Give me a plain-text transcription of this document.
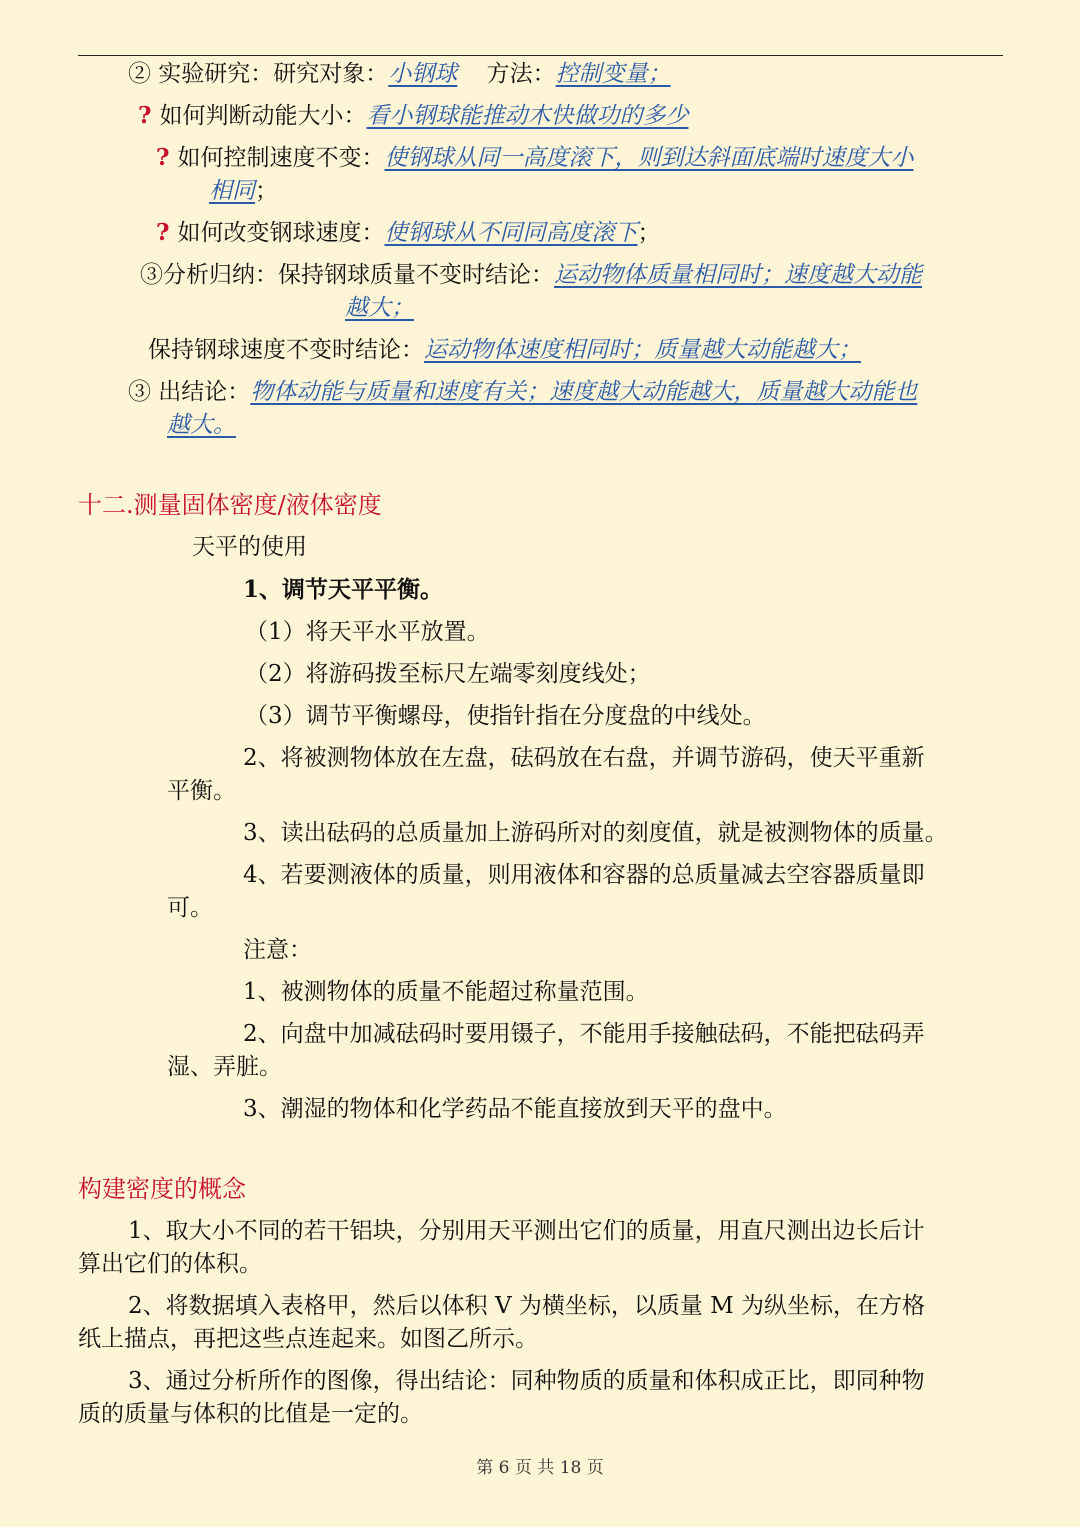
② 实验研究：研究对象：小钢球 方法：控制变量；
? 如何判断动能大小：看小钢球能推动木快做功的多少
? 如何控制速度不变：使钢球从同一高度滚下，则到达斜面底端时速度大小
相同；
? 如何改变钢球速度：使钢球从不同同高度滚下；
③分析归纳：保持钢球质量不变时结论：运动物体质量相同时；速度越大动能
越大；
保持钢球速度不变时结论：运动物体速度相同时；质量越大动能越大；
③ 出结论：物体动能与质量和速度有关；速度越大动能越大，质量越大动能也
越大。
十二.测量固体密度/液体密度
天平的使用
1、调节天平平衡。
（1）将天平水平放置。
（2）将游码拨至标尺左端零刻度线处；
（3）调节平衡螺母，使指针指在分度盘的中线处。
2、将被测物体放在左盘，砝码放在右盘，并调节游码，使天平重新
平衡。
3、读出砝码的总质量加上游码所对的刻度值，就是被测物体的质量。
4、若要测液体的质量，则用液体和容器的总质量减去空容器质量即
可。
注意：
1、被测物体的质量不能超过称量范围。
2、向盘中加减砝码时要用镊子，不能用手接触砝码，不能把砝码弄
湿、弄脏。
3、潮湿的物体和化学药品不能直接放到天平的盘中。
构建密度的概念
1、取大小不同的若干铝块，分别用天平测出它们的质量，用直尺测出边长后计
算出它们的体积。
2、将数据填入表格甲，然后以体积 V 为横坐标，以质量 M 为纵坐标，在方格
纸上描点，再把这些点连起来。如图乙所示。
3、通过分析所作的图像，得出结论：同种物质的质量和体积成正比，即同种物
质的质量与体积的比值是一定的。
第 6 页 共 18 页
